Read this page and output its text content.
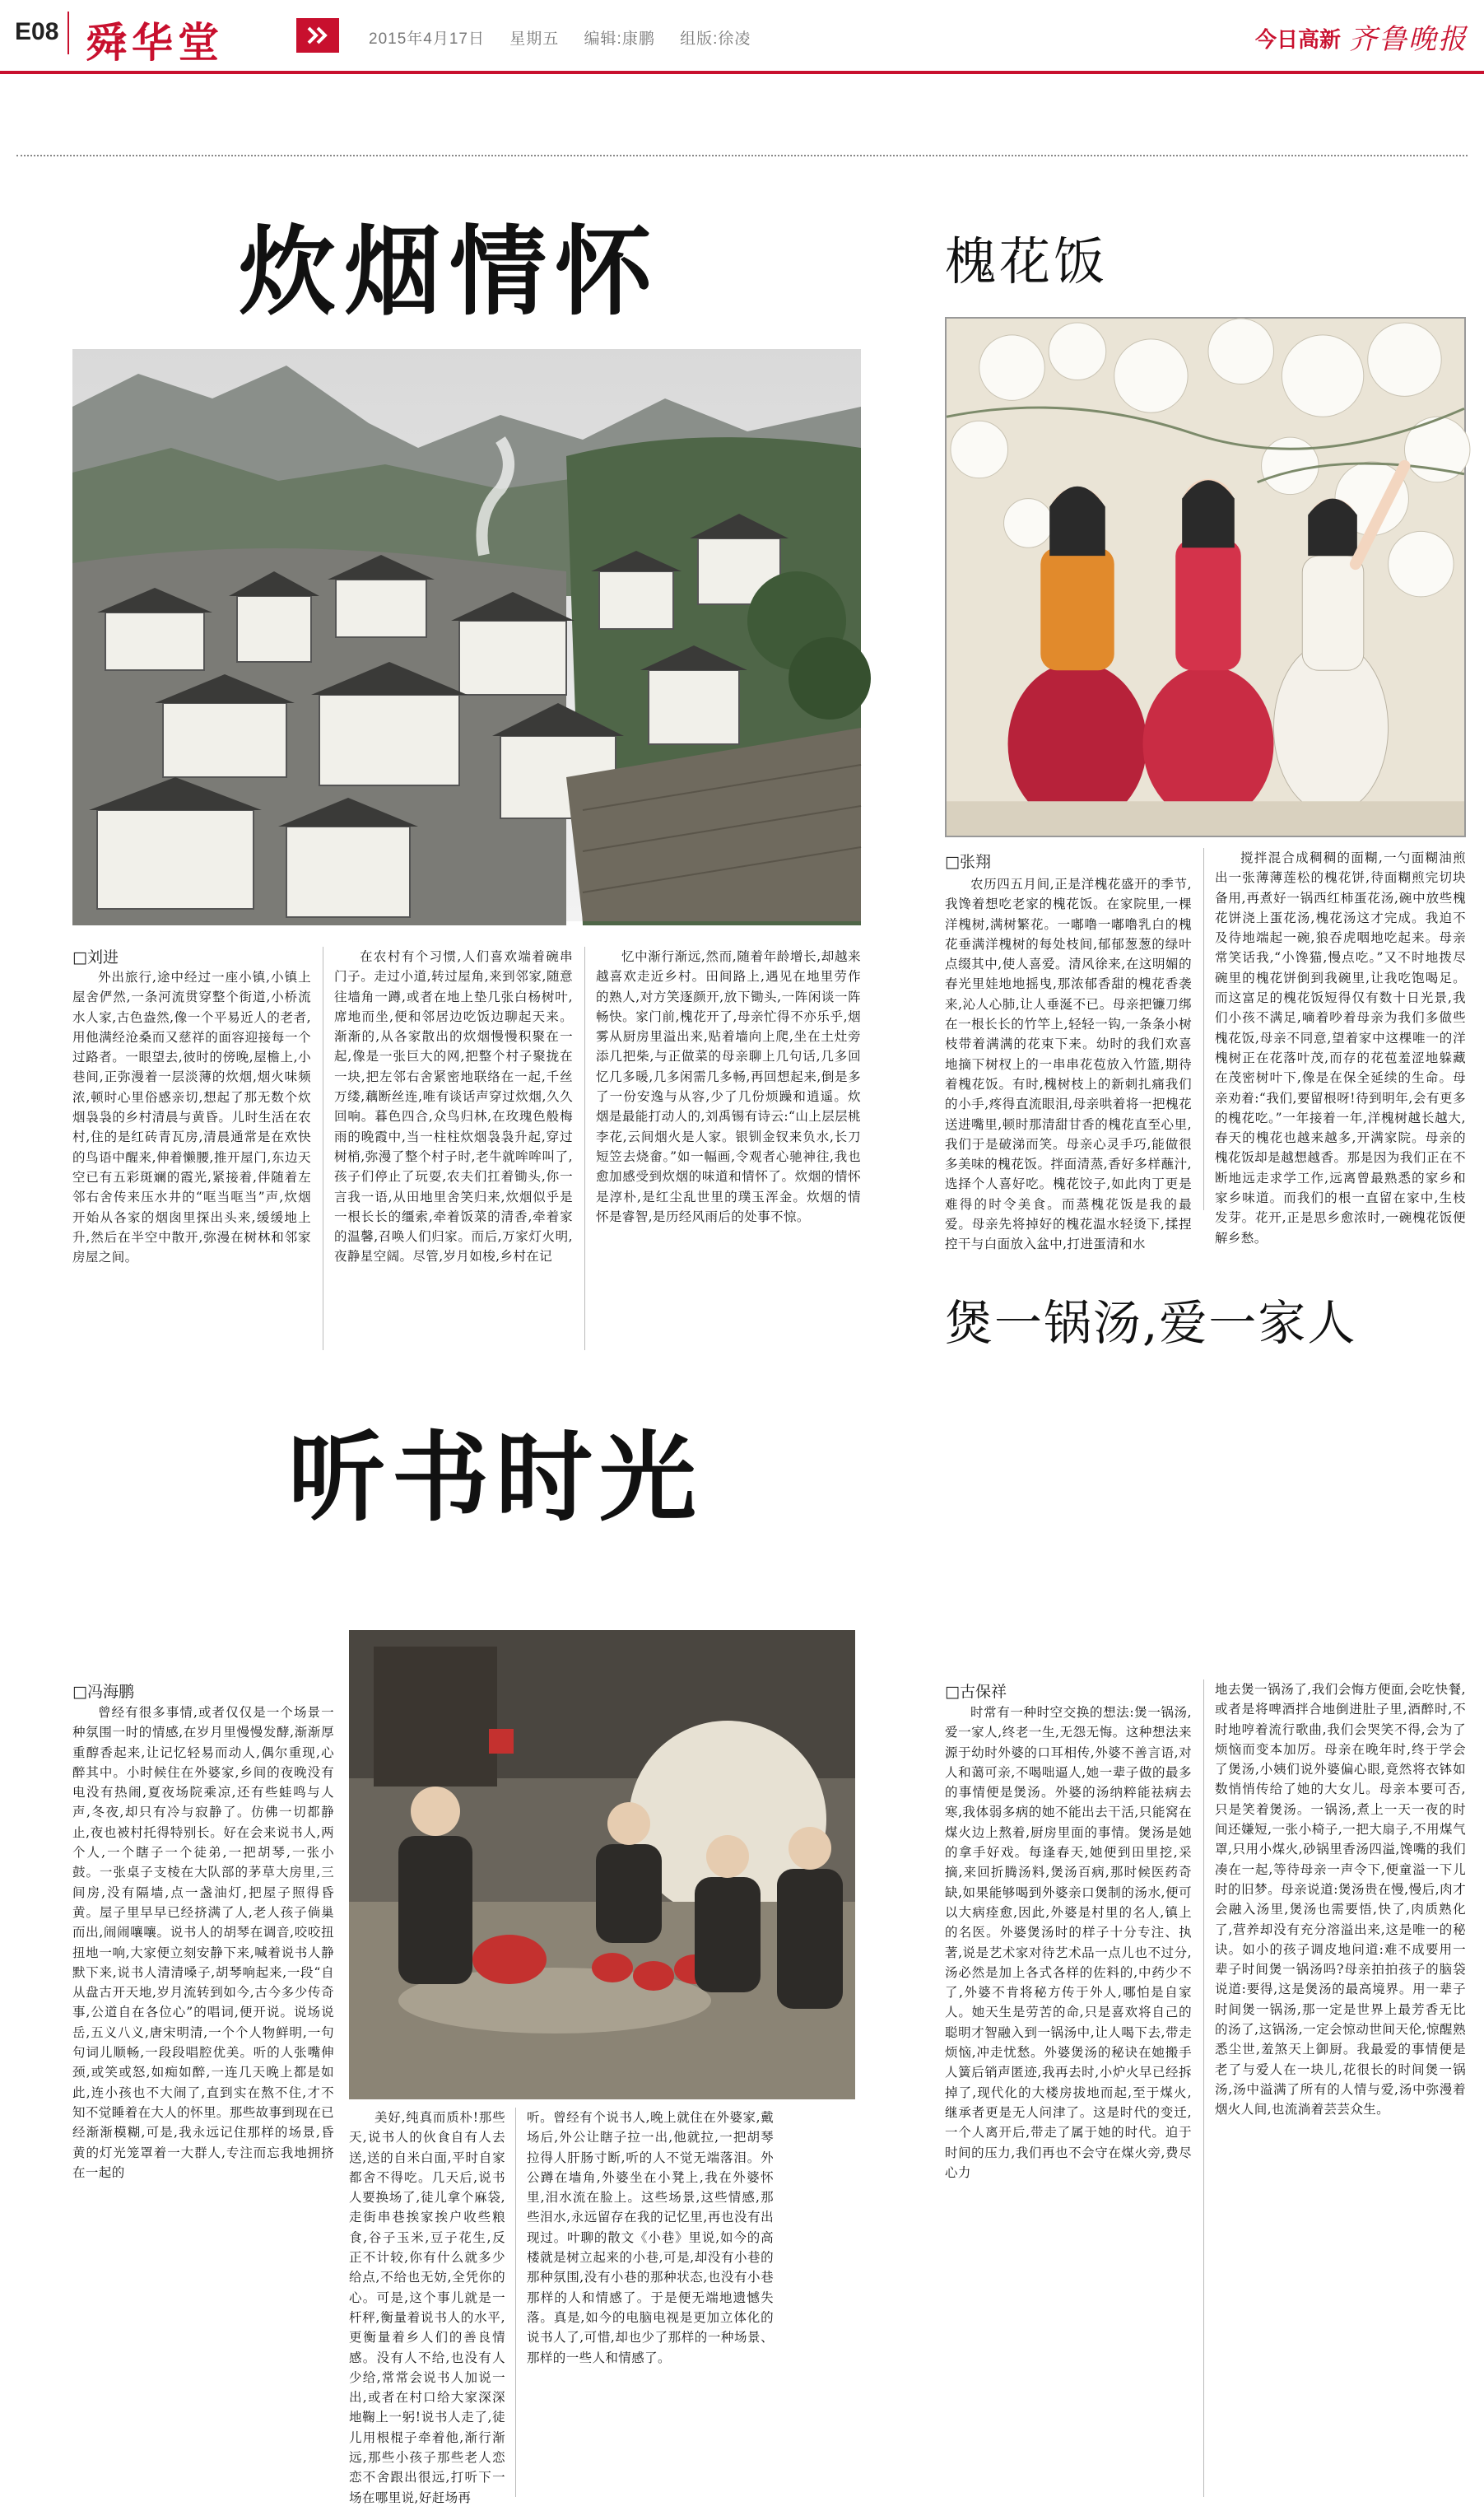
E08 舜华堂	2015年4月17日 星期五 编辑:康鹏 组版:徐凌	今日高新 齐鲁晚报
炊烟情怀
□刘进

外出旅行,途中经过一座小镇,小镇上屋舍俨然,一条河流贯穿整个街道,小桥流水人家,古色盎然,像一个平易近人的老者,用他满经沧桑而又慈祥的面容迎接每一个过路者。一眼望去,彼时的傍晚,屋檐上,小巷间,正弥漫着一层淡薄的炊烟,烟火味频浓,顿时心里俗感亲切,想起了那无数个炊烟袅袅的乡村清晨与黄昏。儿时生活在农村,住的是红砖青瓦房,清晨通常是在欢快的鸟语中醒来,伸着懒腰,推开屋门,东边天空已有五彩斑斓的霞光,紧接着,伴随着左邻右舍传来压水井的“哐当哐当”声,炊烟开始从各家的烟囱里探出头来,缓缓地上升,然后在半空中散开,弥漫在树林和邻家房屋之间。

在农村有个习惯,人们喜欢端着碗串门子。走过小道,转过屋角,来到邻家,随意往墙角一蹲,或者在地上垫几张白杨树叶,席地而坐,便和邻居边吃饭边聊起天来。渐渐的,从各家散出的炊烟慢慢积聚在一起,像是一张巨大的网,把整个村子聚拢在一块,把左邻右舍紧密地联络在一起,千丝万缕,藕断丝连,唯有谈话声穿过炊烟,久久回响。暮色四合,众鸟归林,在玫瑰色般梅雨的晚霞中,当一柱柱炊烟袅袅升起,穿过树梢,弥漫了整个村子时,老牛就哞哞叫了,孩子们停止了玩耍,农夫们扛着锄头,你一言我一语,从田地里舍笑归来,炊烟似乎是一根长长的缰索,牵着饭菜的清香,牵着家的温馨,召唤人们归家。而后,万家灯火明,夜静星空阔。尽管,岁月如梭,乡村在记

忆中渐行渐远,然而,随着年龄增长,却越来越喜欢走近乡村。田间路上,遇见在地里劳作的熟人,对方笑逐颜开,放下锄头,一阵闲谈一阵畅快。家门前,槐花开了,母亲忙得不亦乐乎,烟雾从厨房里溢出来,贴着墙向上爬,坐在土灶旁添几把柴,与正做菜的母亲聊上几句话,几多回忆几多暖,几多闲需几多畅,再回想起来,倒是多了一份安逸与从容,少了几份烦躁和逍遥。炊烟是最能打动人的,刘禹锡有诗云:“山上层层桃李花,云间烟火是人家。银钏金钗来负水,长刀短笠去烧畲。”如一幅画,令观者心驰神往,我也愈加感受到炊烟的味道和情怀了。炊烟的情怀是淳朴,是红尘乱世里的璞玉浑金。炊烟的情怀是睿智,是历经风雨后的处事不惊。

槐花饭
□张翔

农历四五月间,正是洋槐花盛开的季节,我馋着想吃老家的槐花饭。在家院里,一棵洋槐树,满树繁花。一嘟噜一嘟噜乳白的槐花垂满洋槐树的每处枝间,郁郁葱葱的绿叶点缀其中,使人喜爱。清风徐来,在这明媚的春光里娃地地摇曳,那浓郁香甜的槐花香袭来,沁人心肺,让人垂涎不已。母亲把镰刀绑在一根长长的竹竿上,轻轻一钩,一条条小树枝带着满满的花束下来。幼时的我们欢喜地摘下树杈上的一串串花苞放入竹篮,期待着槐花饭。有时,槐树枝上的新刺扎痛我们的小手,疼得直流眼泪,母亲哄着将一把槐花送进嘴里,顿时那清甜甘香的槐花直至心里,我们于是破涕而笑。母亲心灵手巧,能做很多美味的槐花饭。拌面清蒸,香好多样蘸汁,选择个人喜好吃。槐花饺子,如此肉丁更是难得的时令美食。而蒸槐花饭是我的最爱。母亲先将掉好的槐花温水轻烫下,揉捏控干与白面放入盆中,打进蛋清和水

搅拌混合成稠稠的面糊,一勺面糊油煎出一张薄薄莲松的槐花饼,待面糊煎完切块备用,再煮好一锅西红柿蛋花汤,碗中放些槐花饼浇上蛋花汤,槐花汤这才完成。我迫不及待地端起一碗,狼吞虎咽地吃起来。母亲常笑话我,“小馋猫,慢点吃。”又不时地拨尽碗里的槐花饼倒到我碗里,让我吃饱喝足。而这富足的槐花饭短得仅有数十日光景,我们小孩不满足,嘀着吵着母亲为我们多做些槐花饭,母亲不同意,望着家中这棵唯一的洋槐树正在花落叶茂,而存的花苞羞涩地躲藏在茂密树叶下,像是在保全延续的生命。母亲劝着:“我们,要留根呀!待到明年,会有更多的槐花吃。”一年接着一年,洋槐树越长越大,春天的槐花也越来越多,开满家院。母亲的槐花饭却是越想越香。那是因为我们正在不断地远走求学工作,远离曾最熟悉的家乡和家乡味道。而我们的根一直留在家中,生枝发芽。花开,正是思乡愈浓时,一碗槐花饭便解乡愁。

听书时光
□冯海鹏

曾经有很多事情,或者仅仅是一个场景一种氛围一时的情感,在岁月里慢慢发酵,渐渐厚重醇香起来,让记忆轻易而动人,偶尔重现,心醉其中。小时候住在外婆家,乡间的夜晚没有电没有热闹,夏夜场院乘凉,还有些蛙鸣与人声,冬夜,却只有冷与寂静了。仿佛一切都静止,夜也被村托得特别长。好在会来说书人,两个人,一个瞎子一个徒弟,一把胡琴,一张小鼓。一张桌子支棱在大队部的茅草大房里,三间房,没有隔墙,点一盏油灯,把屋子照得昏黄。屋子里早早已经挤满了人,老人孩子倘巢而出,闹闹嚷嚷。说书人的胡琴在调音,咬咬扭扭地一响,大家便立刻安静下来,喊着说书人静默下来,说书人清清嗓子,胡琴响起来,一段“自从盘古开天地,岁月流转到如今,古今多少传奇事,公道自在各位心”的唱词,便开说。说场说岳,五义八义,唐宋明清,一个个人物鲜明,一句句词儿顺畅,一段段唱腔优美。听的人张嘴伸颈,或笑或怒,如痴如醉,一连几天晚上都是如此,连小孩也不大闹了,直到实在熬不住,才不知不觉睡着在大人的怀里。那些故事到现在已经渐渐模糊,可是,我永远记住那样的场景,昏黄的灯光笼罩着一大群人,专注而忘我地拥挤在一起的

美好,纯真而质朴!那些天,说书人的伙食自有人去送,送的自米白面,平时自家都舍不得吃。几天后,说书人要换场了,徒儿拿个麻袋,走街串巷挨家挨户收些粮食,谷子玉米,豆子花生,反正不计较,你有什么就多少给点,不给也无妨,全凭你的心。可是,这个事儿就是一杆秤,衡量着说书人的水平,更衡量着乡人们的善良情感。没有人不给,也没有人少给,常常会说书人加说一出,或者在村口给大家深深地鞠上一躬!说书人走了,徒儿用根棍子牵着他,渐行渐远,那些小孩子那些老人恋恋不舍跟出很远,打听下一场在哪里说,好赶场再

听。曾经有个说书人,晚上就住在外婆家,戴场后,外公让瞎子拉一出,他就拉,一把胡琴拉得人肝肠寸断,听的人不觉无端落泪。外公蹲在墙角,外婆坐在小凳上,我在外婆怀里,泪水流在脸上。这些场景,这些情感,那些泪水,永远留存在我的记忆里,再也没有出现过。叶聊的散文《小巷》里说,如今的高楼就是树立起来的小巷,可是,却没有小巷的那种氛围,没有小巷的那种状态,也没有小巷那样的人和情感了。于是便无端地遗憾失落。真是,如今的电脑电视是更加立体化的说书人了,可惜,却也少了那样的一种场景、那样的一些人和情感了。

煲一锅汤,爱一家人
□古保祥

时常有一种时空交换的想法:煲一锅汤,爱一家人,终老一生,无怨无悔。这种想法来源于幼时外婆的口耳相传,外婆不善言语,对人和蔼可亲,不喝咄逼人,她一辈子做的最多的事情便是煲汤。外婆的汤纳粹能祛病去寒,我体弱多病的她不能出去干活,只能窝在煤火边上熬着,厨房里面的事情。煲汤是她的拿手好戏。每逢春天,她便到田里挖,采摘,来回折腾汤料,煲汤百病,那时候医药奇缺,如果能够喝到外婆亲口煲制的汤水,便可以大病痊愈,因此,外婆是村里的名人,镇上的名医。外婆煲汤时的样子十分专注、执著,说是艺术家对待艺术品一点儿也不过分,汤必然是加上各式各样的佐料的,中药少不了,外婆不肯将秘方传于外人,哪怕是自家人。她天生是劳苦的命,只是喜欢将自己的聪明才智融入到一锅汤中,让人喝下去,带走烦恼,冲走忧愁。外婆煲汤的秘诀在她搬手人簧后销声匿迹,我再去时,小炉火早已经拆掉了,现代化的大楼房拔地而起,至于煤火,继承者更是无人问津了。这是时代的变迁,一个人离开后,带走了属于她的时代。迫于时间的压力,我们再也不会守在煤火旁,费尽心力

地去煲一锅汤了,我们会悔方便面,会吃快餐,或者是将啤酒拌合地倒进肚子里,酒醉时,不时地哼着流行歌曲,我们会哭笑不得,会为了烦恼而变本加厉。母亲在晚年时,终于学会了煲汤,小姨们说外婆偏心眼,竟然将衣钵如数悄悄传给了她的大女儿。母亲本要可否,只是笑着煲汤。一锅汤,煮上一天一夜的时间还嫌短,一张小椅子,一把大扇子,不用煤气罩,只用小煤火,砂锅里香汤四溢,馋嘴的我们凑在一起,等待母亲一声令下,便童溢一下儿时的旧梦。母亲说道:煲汤贵在慢,慢后,肉才会融入汤里,煲汤也需要悟,快了,肉质熟化了,营养却没有充分溶溢出来,这是唯一的秘诀。如小的孩子调皮地问道:难不成要用一辈子时间煲一锅汤吗?母亲拍拍孩子的脑袋说道:要得,这是煲汤的最高境界。用一辈子时间煲一锅汤,那一定是世界上最芳香无比的汤了,这锅汤,一定会惊动世间天伦,惊醒熟悉尘世,羞煞天上御厨。我最爱的事情便是老了与爱人在一块儿,花很长的时间煲一锅汤,汤中溢满了所有的人情与爱,汤中弥漫着烟火人间,也流淌着芸芸众生。
